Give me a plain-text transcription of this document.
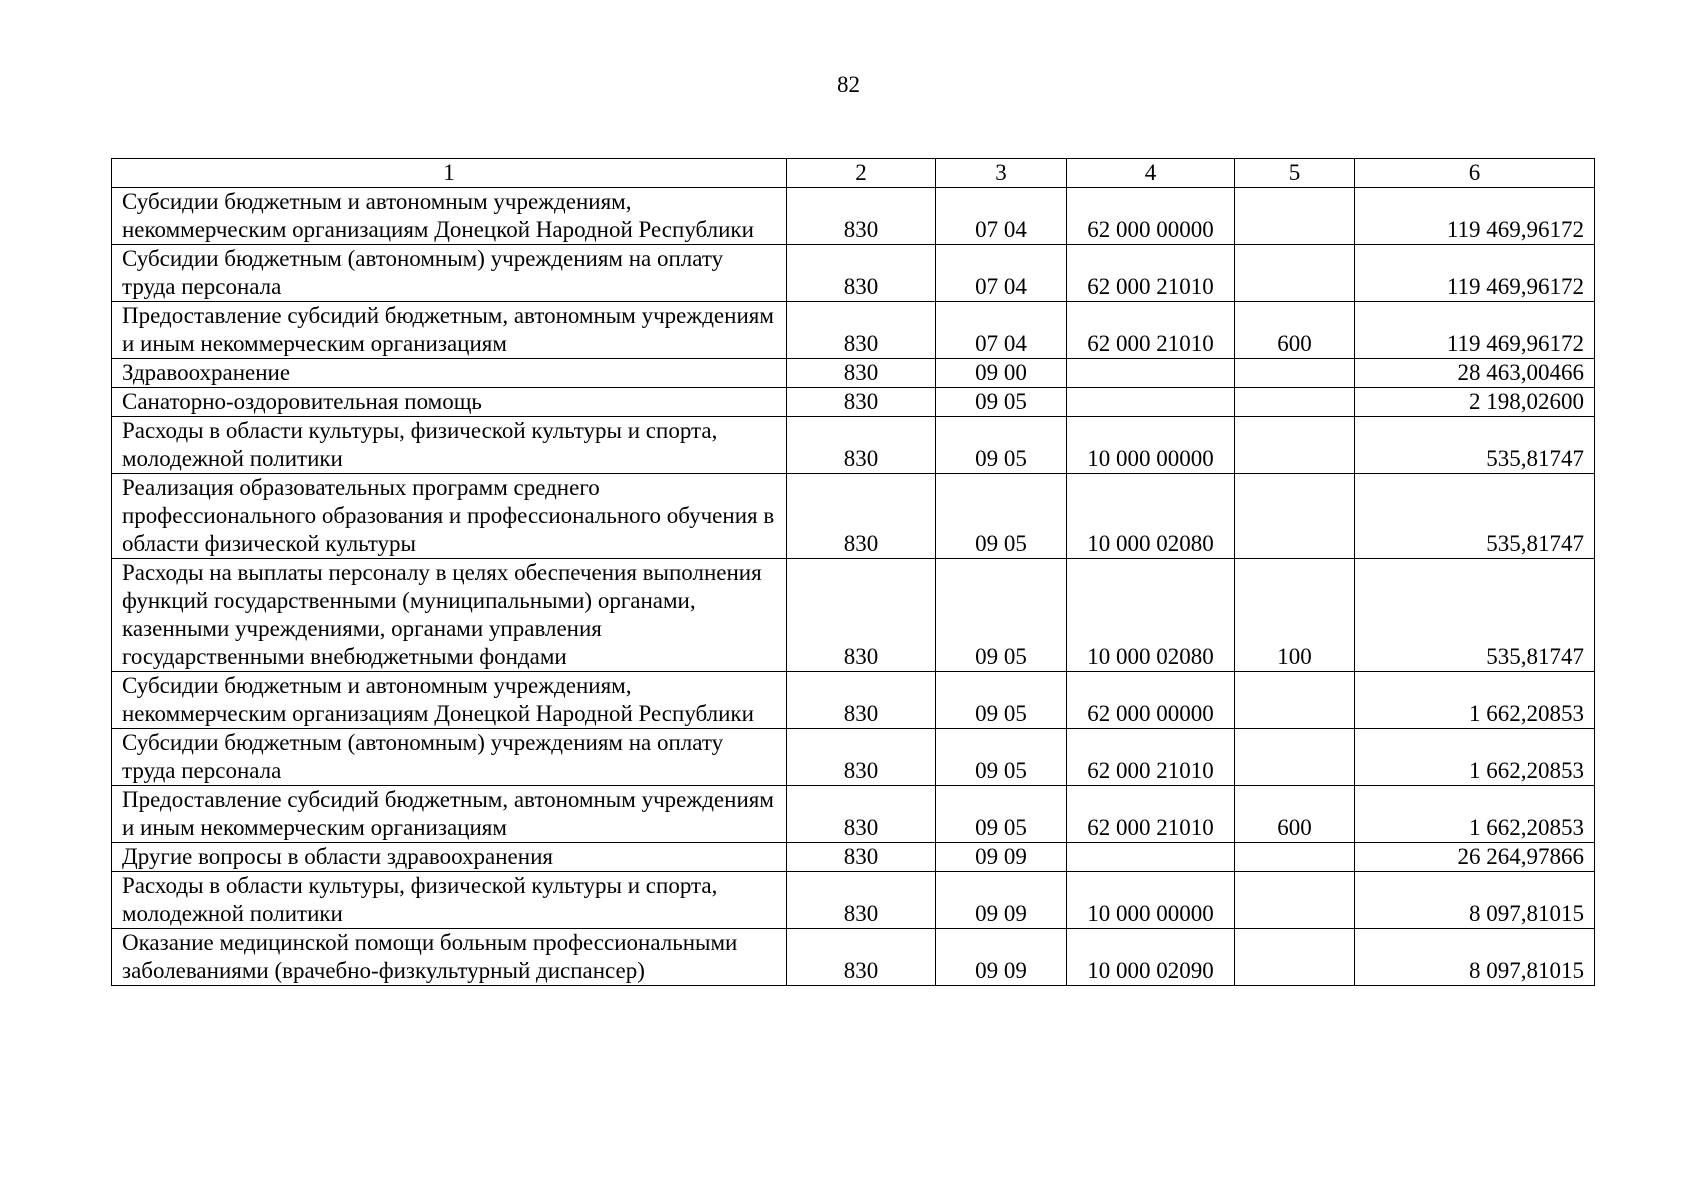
82
1	2	3	4	5	6
Субсидии бюджетным и автономным учреждениям, некоммерческим организациям Донецкой Народной Республики	830	07 04	62 000 00000		119 469,96172
Субсидии бюджетным (автономным) учреждениям на оплату труда персонала	830	07 04	62 000 21010		119 469,96172
Предоставление субсидий бюджетным, автономным учреждениям и иным некоммерческим организациям	830	07 04	62 000 21010	600	119 469,96172
Здравоохранение	830	09 00			28 463,00466
Санаторно-оздоровительная помощь	830	09 05			2 198,02600
Расходы в области культуры, физической культуры и спорта, молодежной политики	830	09 05	10 000 00000		535,81747
Реализация образовательных программ среднего профессионального образования и профессионального обучения в области физической культуры	830	09 05	10 000 02080		535,81747
Расходы на выплаты персоналу в целях обеспечения выполнения функций государственными (муниципальными) органами, казенными учреждениями, органами управления государственными внебюджетными фондами	830	09 05	10 000 02080	100	535,81747
Субсидии бюджетным и автономным учреждениям, некоммерческим организациям Донецкой Народной Республики	830	09 05	62 000 00000		1 662,20853
Субсидии бюджетным (автономным) учреждениям на оплату труда персонала	830	09 05	62 000 21010		1 662,20853
Предоставление субсидий бюджетным, автономным учреждениям и иным некоммерческим организациям	830	09 05	62 000 21010	600	1 662,20853
Другие вопросы в области здравоохранения	830	09 09			26 264,97866
Расходы в области культуры, физической культуры и спорта, молодежной политики	830	09 09	10 000 00000		8 097,81015
Оказание медицинской помощи больным профессиональными заболеваниями (врачебно-физкультурный диспансер)	830	09 09	10 000 02090		8 097,81015
